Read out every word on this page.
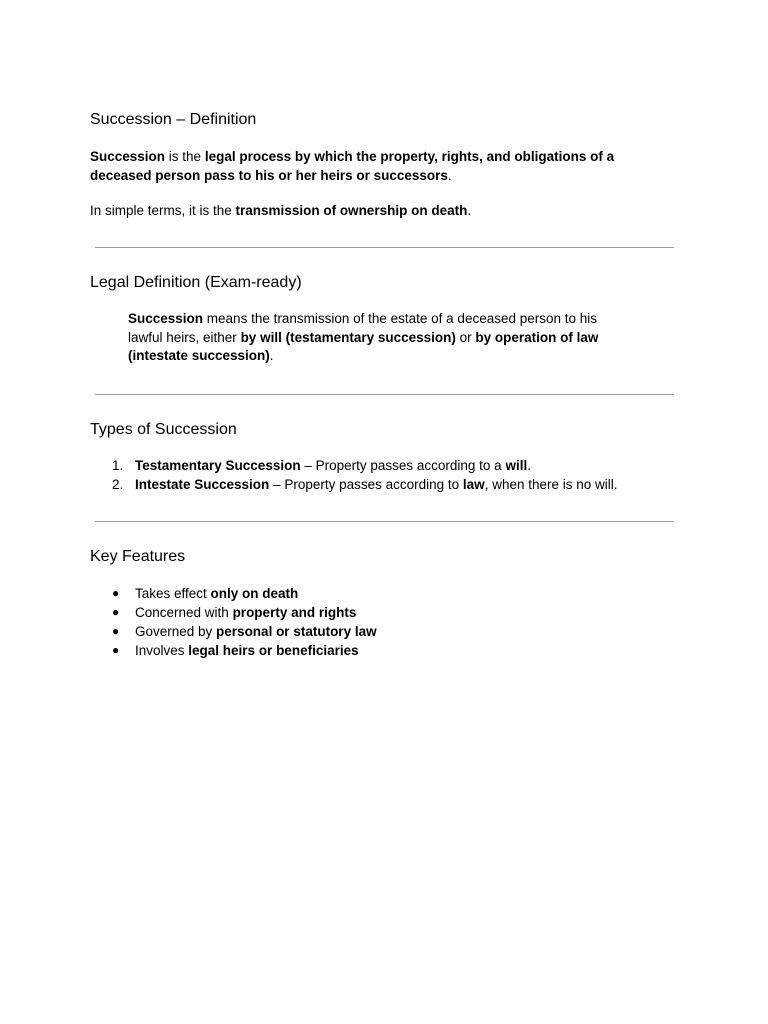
Succession – Definition

Succession is the legal process by which the property, rights, and obligations of a deceased person pass to his or her heirs or successors.

In simple terms, it is the transmission of ownership on death.

Legal Definition (Exam-ready)

Succession means the transmission of the estate of a deceased person to his lawful heirs, either by will (testamentary succession) or by operation of law (intestate succession).

Types of Succession
1. Testamentary Succession – Property passes according to a will.
2. Intestate Succession – Property passes according to law, when there is no will.
Key Features
● Takes effect only on death
● Concerned with property and rights
● Governed by personal or statutory law
● Involves legal heirs or beneficiaries
